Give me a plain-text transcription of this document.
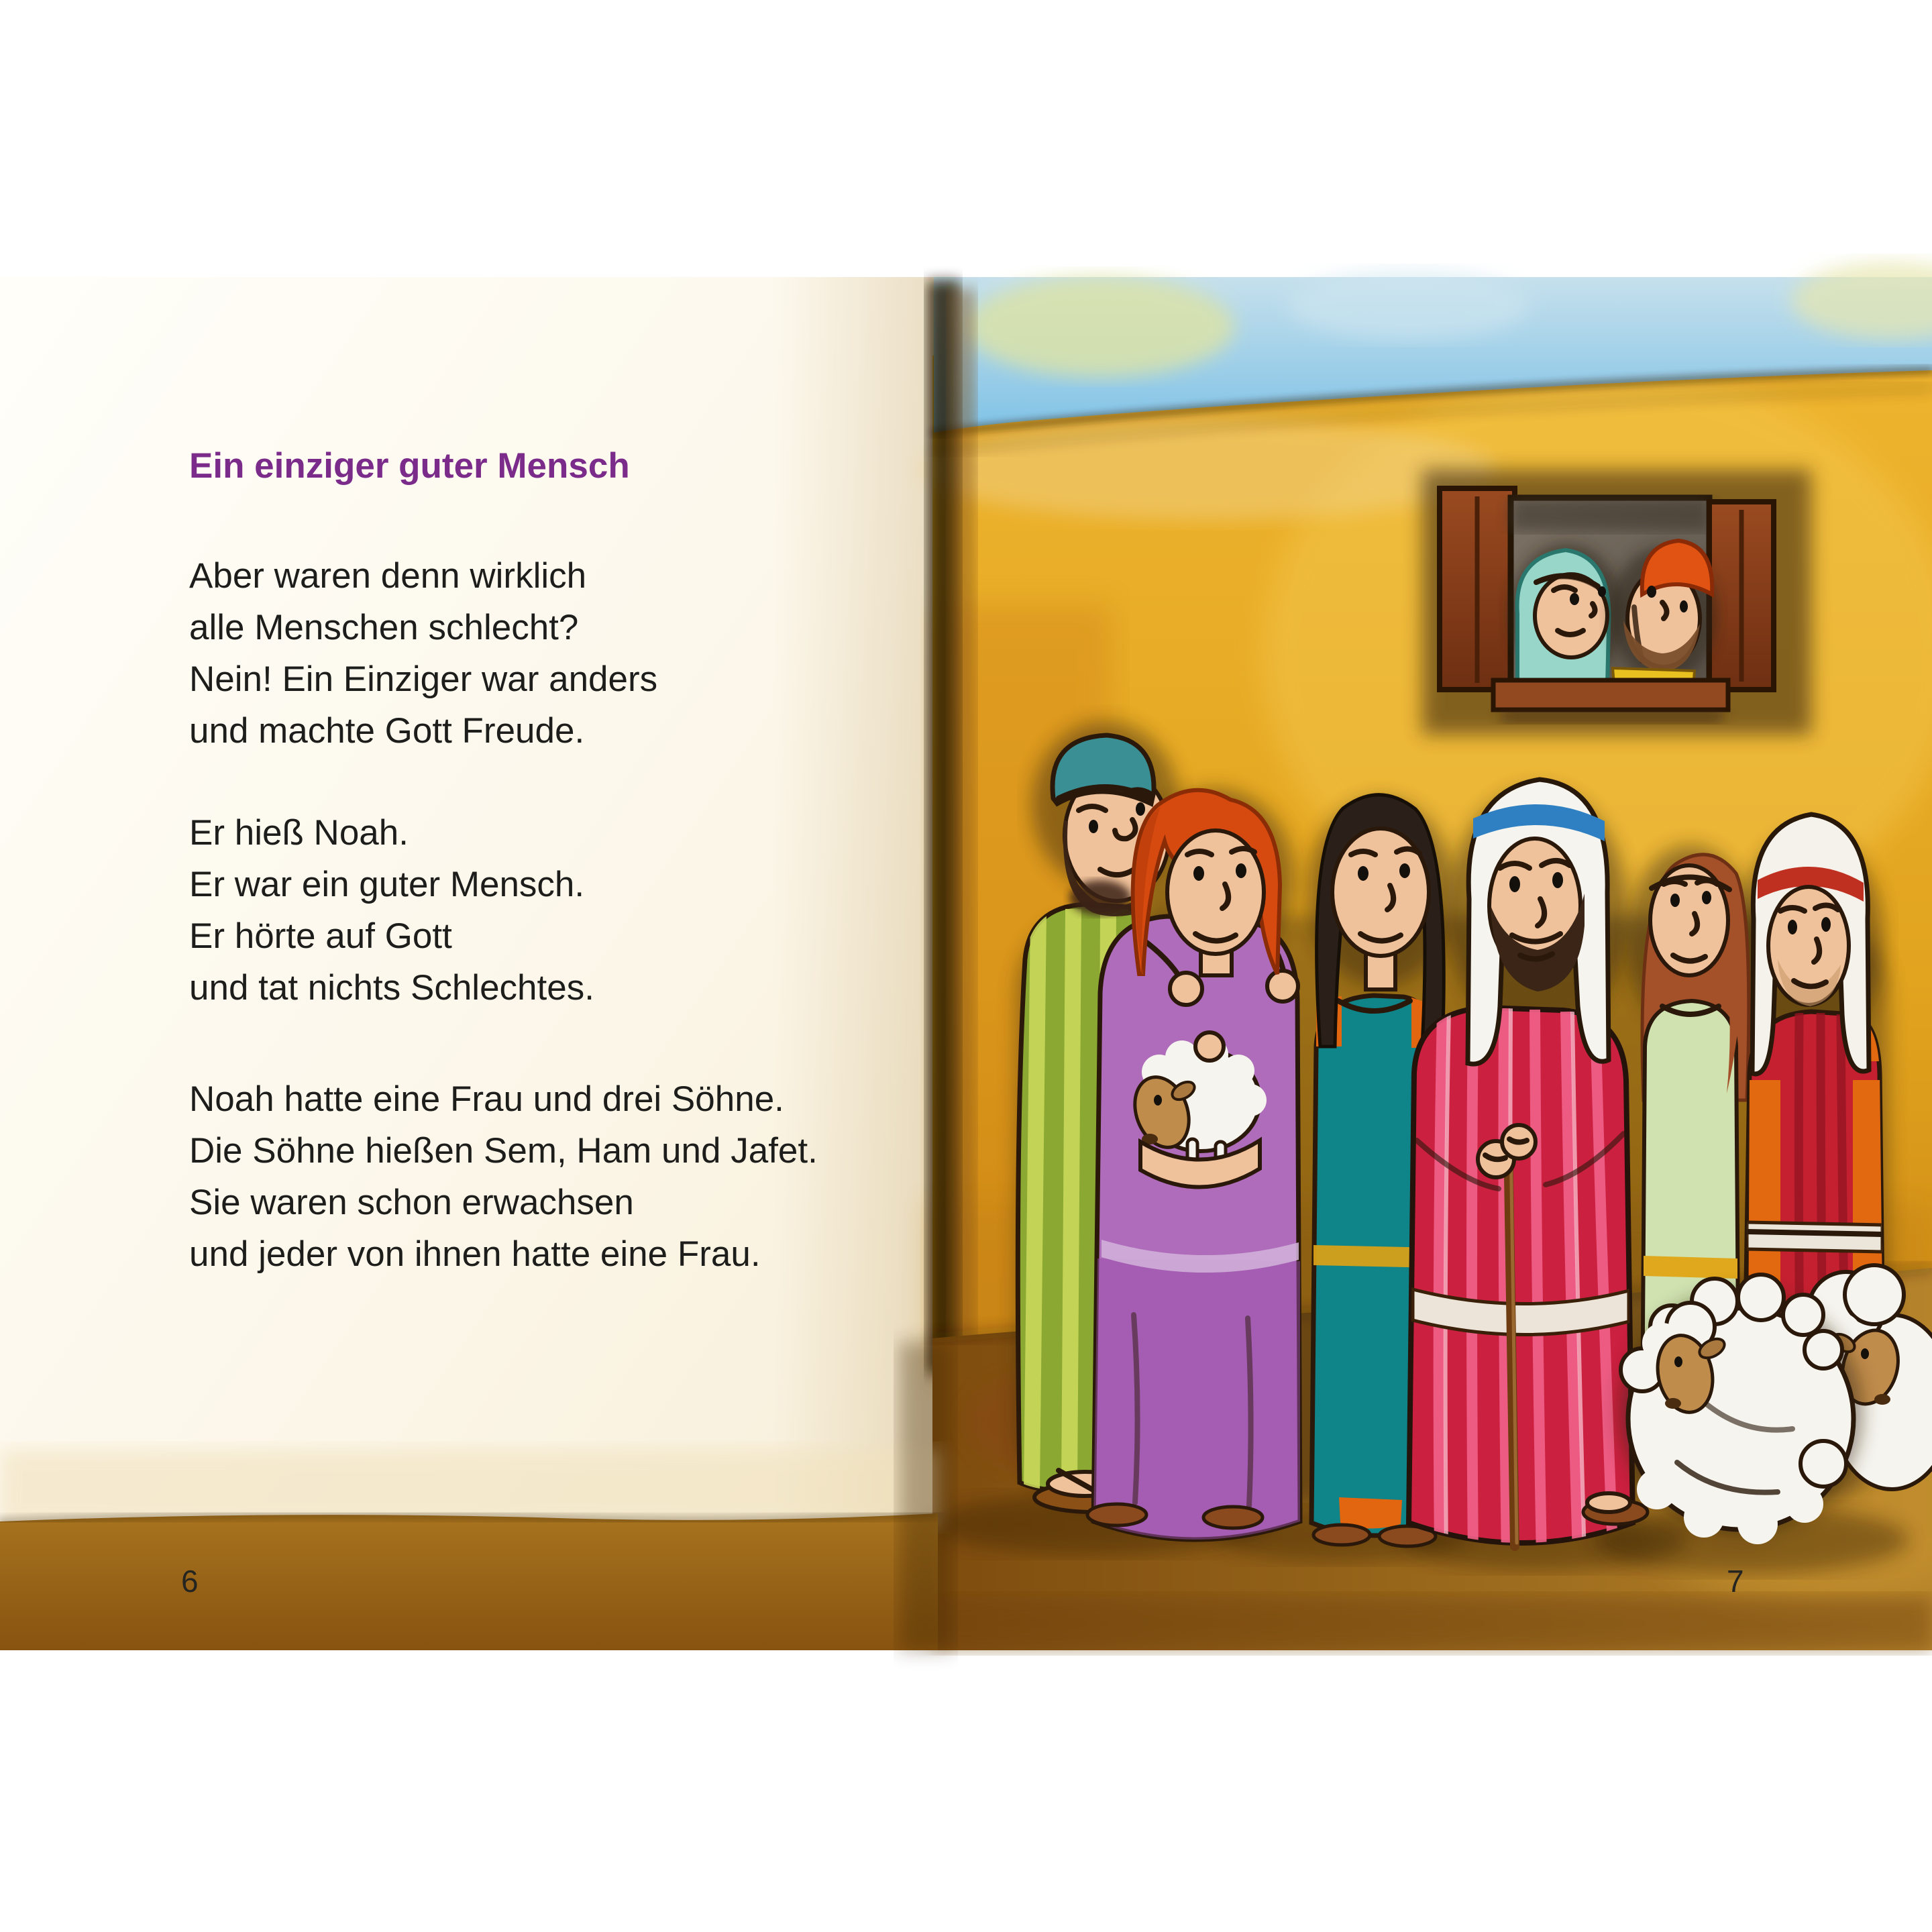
Ein einziger guter Mensch
Aber waren denn wirklich
alle Menschen schlecht?
Nein! Ein Einziger war anders
und machte Gott Freude.
Er hieß Noah.
Er war ein guter Mensch.
Er hörte auf Gott
und tat nichts Schlechtes.
Noah hatte eine Frau und drei Söhne.
Die Söhne hießen Sem, Ham und Jafet.
Sie waren schon erwachsen
und jeder von ihnen hatte eine Frau.
6	7
